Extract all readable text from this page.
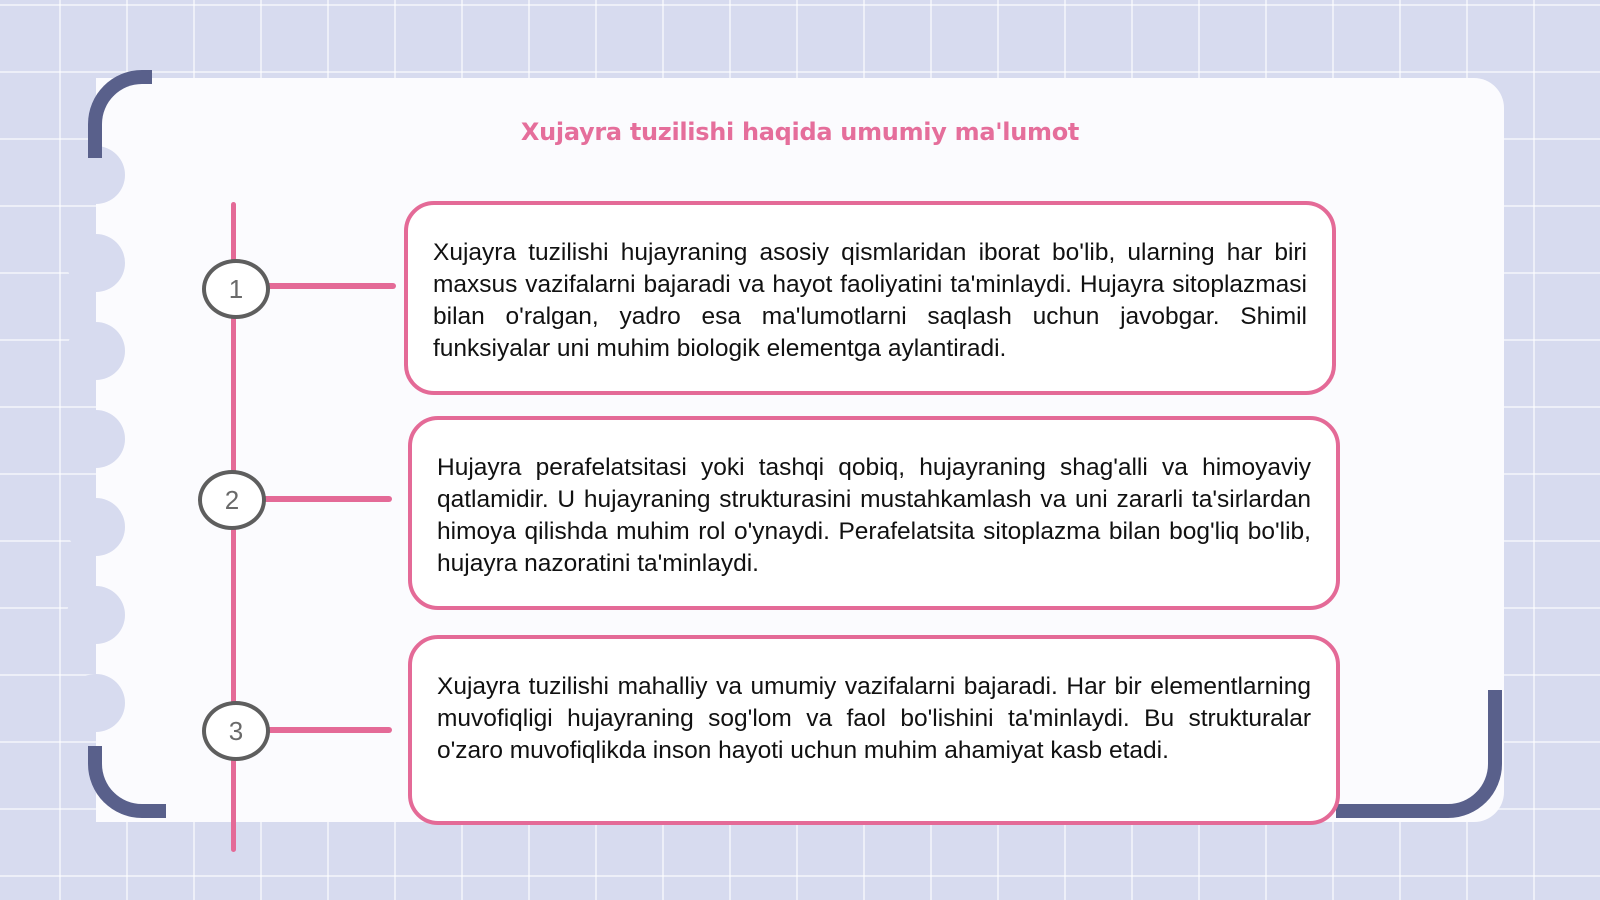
Xujayra tuzilishi haqida umumiy ma'lumot
1

Xujayra tuzilishi hujayraning asosiy qismlaridan iborat bo'lib, ularning har biri maxsus vazifalarni bajaradi va hayot faoliyatini ta'minlaydi. Hujayra sitoplazmasi bilan o'ralgan, yadro esa ma'lumotlarni saqlash uchun javobgar. Shimil funksiyalar uni muhim biologik elementga aylantiradi.

2

Hujayra perafelatsitasi yoki tashqi qobiq, hujayraning shag'alli va himoyaviy qatlamidir. U hujayraning strukturasini mustahkamlash va uni zararli ta'sirlardan himoya qilishda muhim rol o'ynaydi. Perafelatsita sitoplazma bilan bog'liq bo'lib, hujayra nazoratini ta'minlaydi.

3

Xujayra tuzilishi mahalliy va umumiy vazifalarni bajaradi. Har bir elementlarning muvofiqligi hujayraning sog'lom va faol bo'lishini ta'minlaydi. Bu strukturalar o'zaro muvofiqlikda inson hayoti uchun muhim ahamiyat kasb etadi.
